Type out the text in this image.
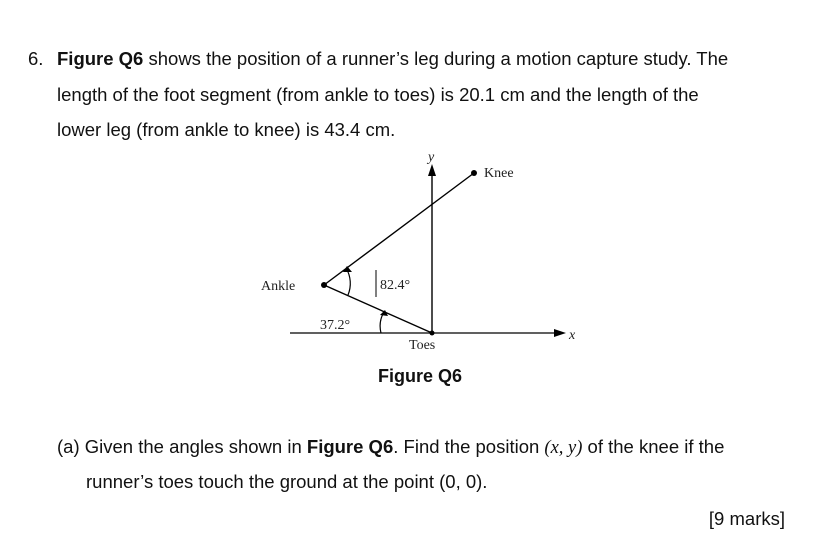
6. Figure Q6 shows the position of a runner’s leg during a motion capture study. The
length of the foot segment (from ankle to toes) is 20.1 cm and the length of the
lower leg (from ankle to knee) is 43.4 cm.
x
y
82.4°
37.2°
Knee
Ankle
Toes
Figure Q6
(a) Given the angles shown in Figure Q6. Find the position (x, y) of the knee if the
runner’s toes touch the ground at the point (0, 0).
[9 marks]
